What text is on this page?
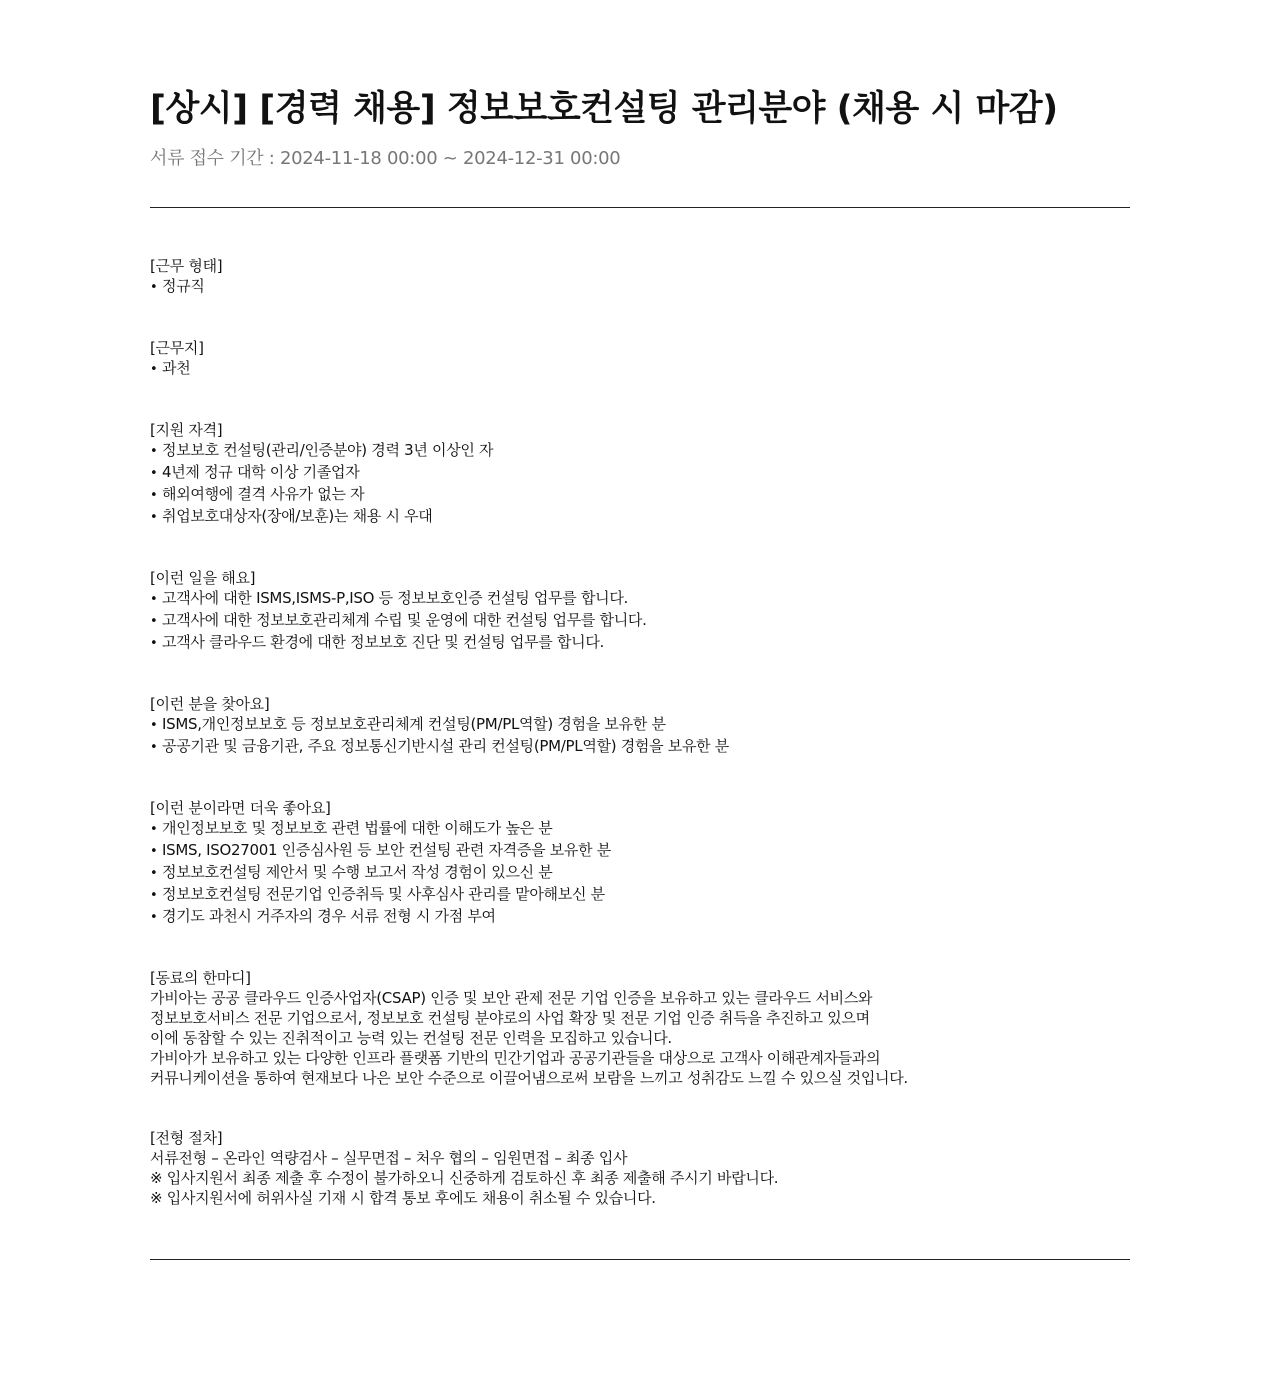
[상시] [경력 채용] 정보보호컨설팅 관리분야 (채용 시 마감)
서류 접수 기간 : 2024-11-18 00:00 ~ 2024-12-31 00:00
[근무 형태]
• 정규직
[근무지]
• 과천
[지원 자격]
• 정보보호 컨설팅(관리/인증분야) 경력 3년 이상인 자
• 4년제 정규 대학 이상 기졸업자
• 해외여행에 결격 사유가 없는 자
• 취업보호대상자(장애/보훈)는 채용 시 우대
[이런 일을 해요]
• 고객사에 대한 ISMS,ISMS-P,ISO 등 정보보호인증 컨설팅 업무를 합니다.
• 고객사에 대한 정보보호관리체계 수립 및 운영에 대한 컨설팅 업무를 합니다.
• 고객사 클라우드 환경에 대한 정보보호 진단 및 컨설팅 업무를 합니다.
[이런 분을 찾아요]
• ISMS,개인정보보호 등 정보보호관리체계 컨설팅(PM/PL역할) 경험을 보유한 분
• 공공기관 및 금융기관, 주요 정보통신기반시설 관리 컨설팅(PM/PL역할) 경험을 보유한 분
[이런 분이라면 더욱 좋아요]
• 개인정보보호 및 정보보호 관련 법률에 대한 이해도가 높은 분
• ISMS, ISO27001 인증심사원 등 보안 컨설팅 관련 자격증을 보유한 분
• 정보보호컨설팅 제안서 및 수행 보고서 작성 경험이 있으신 분
• 정보보호컨설팅 전문기업 인증취득 및 사후심사 관리를 맡아해보신 분
• 경기도 과천시 거주자의 경우 서류 전형 시 가점 부여
[동료의 한마디]
가비아는 공공 클라우드 인증사업자(CSAP) 인증 및 보안 관제 전문 기업 인증을 보유하고 있는 클라우드 서비스와
정보보호서비스 전문 기업으로서, 정보보호 컨설팅 분야로의 사업 확장 및 전문 기업 인증 취득을 추진하고 있으며
이에 동참할 수 있는 진취적이고 능력 있는 컨설팅 전문 인력을 모집하고 있습니다.
가비아가 보유하고 있는 다양한 인프라 플랫폼 기반의 민간기업과 공공기관들을 대상으로 고객사 이해관계자들과의
커뮤니케이션을 통하여 현재보다 나은 보안 수준으로 이끌어냄으로써 보람을 느끼고 성취감도 느낄 수 있으실 것입니다.
[전형 절차]
서류전형 – 온라인 역량검사 – 실무면접 – 처우 협의 – 임원면접 – 최종 입사
※ 입사지원서 최종 제출 후 수정이 불가하오니 신중하게 검토하신 후 최종 제출해 주시기 바랍니다.
※ 입사지원서에 허위사실 기재 시 합격 통보 후에도 채용이 취소될 수 있습니다.
